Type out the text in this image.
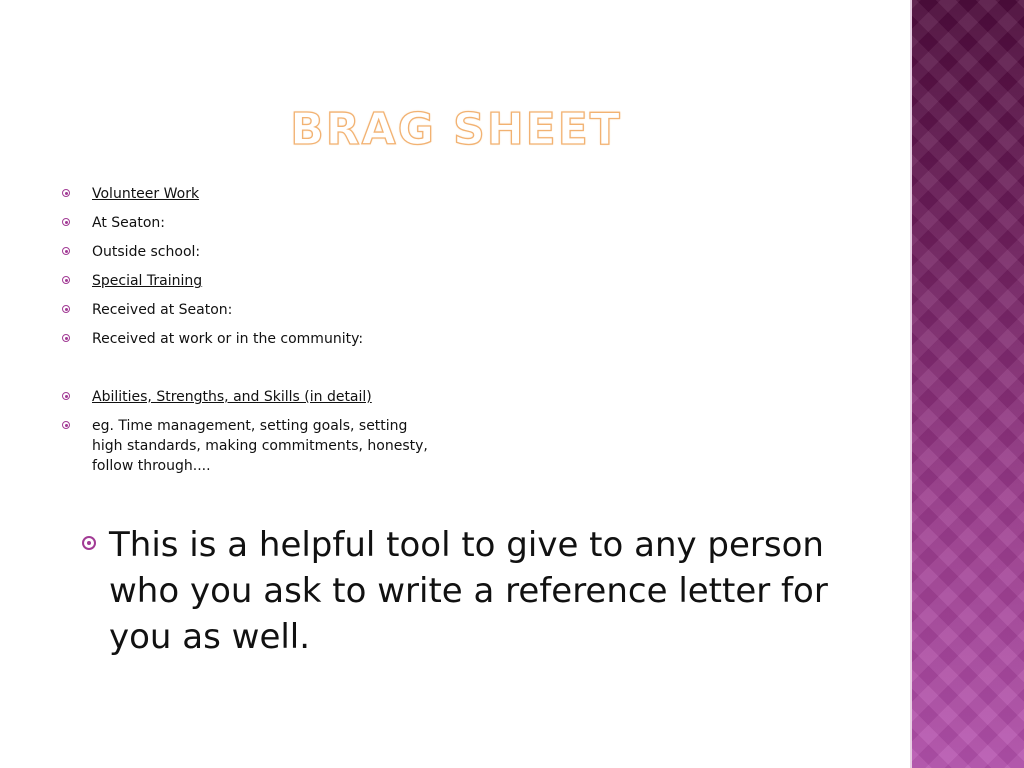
BRAG SHEET
Volunteer Work
At Seaton:
Outside school:
Special Training
Received at Seaton:
Received at work or in the community:
Abilities, Strengths, and Skills (in detail)
eg. Time management, setting goals, setting high standards, making commitments, honesty, follow through....
This is a helpful tool to give to any person who you ask to write a reference letter for you as well.
